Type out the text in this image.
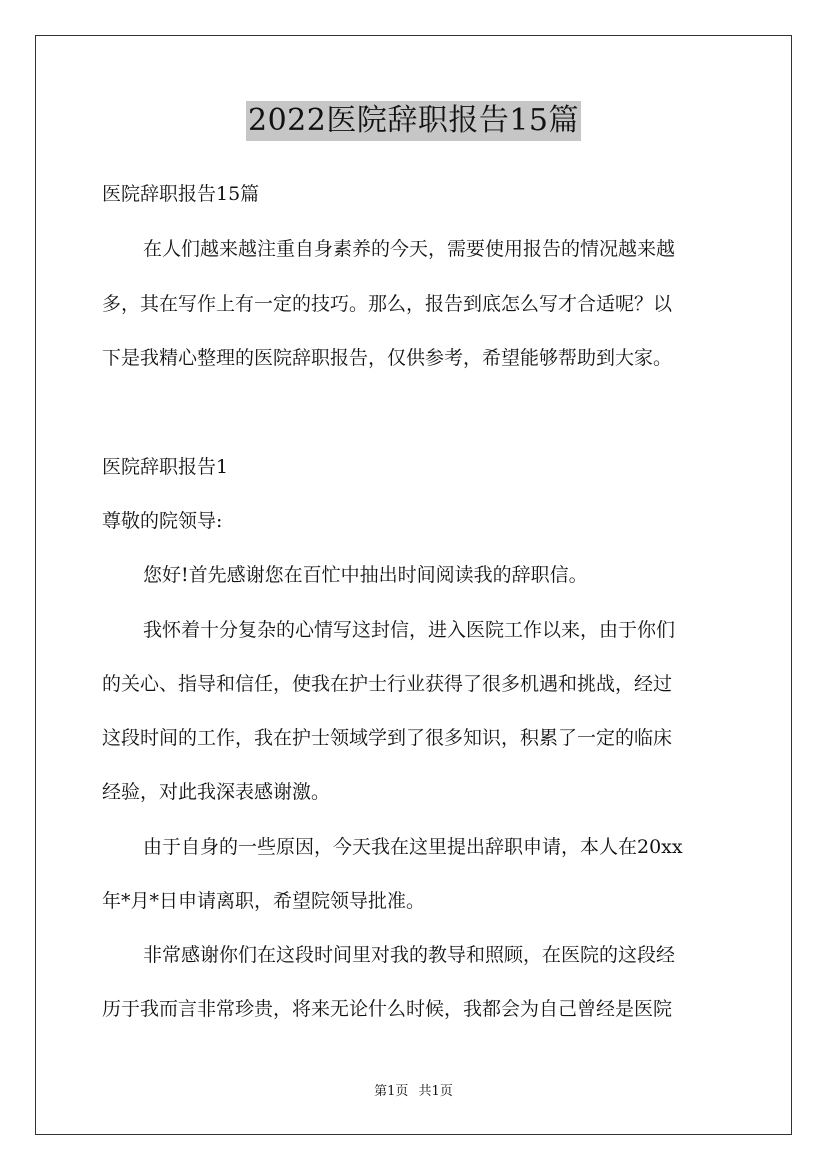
2022医院辞职报告15篇

医院辞职报告15篇

在人们越来越注重自身素养的今天，需要使用报告的情况越来越

多，其在写作上有一定的技巧。那么，报告到底怎么写才合适呢？以

下是我精心整理的医院辞职报告，仅供参考，希望能够帮助到大家。

医院辞职报告1

尊敬的院领导:

您好!首先感谢您在百忙中抽出时间阅读我的辞职信。

我怀着十分复杂的心情写这封信，进入医院工作以来，由于你们

的关心、指导和信任，使我在护士行业获得了很多机遇和挑战，经过

这段时间的工作，我在护士领域学到了很多知识，积累了一定的临床

经验，对此我深表感谢激。

由于自身的一些原因，今天我在这里提出辞职申请，本人在20xx

年*月*日申请离职，希望院领导批准。

非常感谢你们在这段时间里对我的教导和照顾，在医院的这段经

历于我而言非常珍贵，将来无论什么时候，我都会为自己曾经是医院

第1页 共1页
